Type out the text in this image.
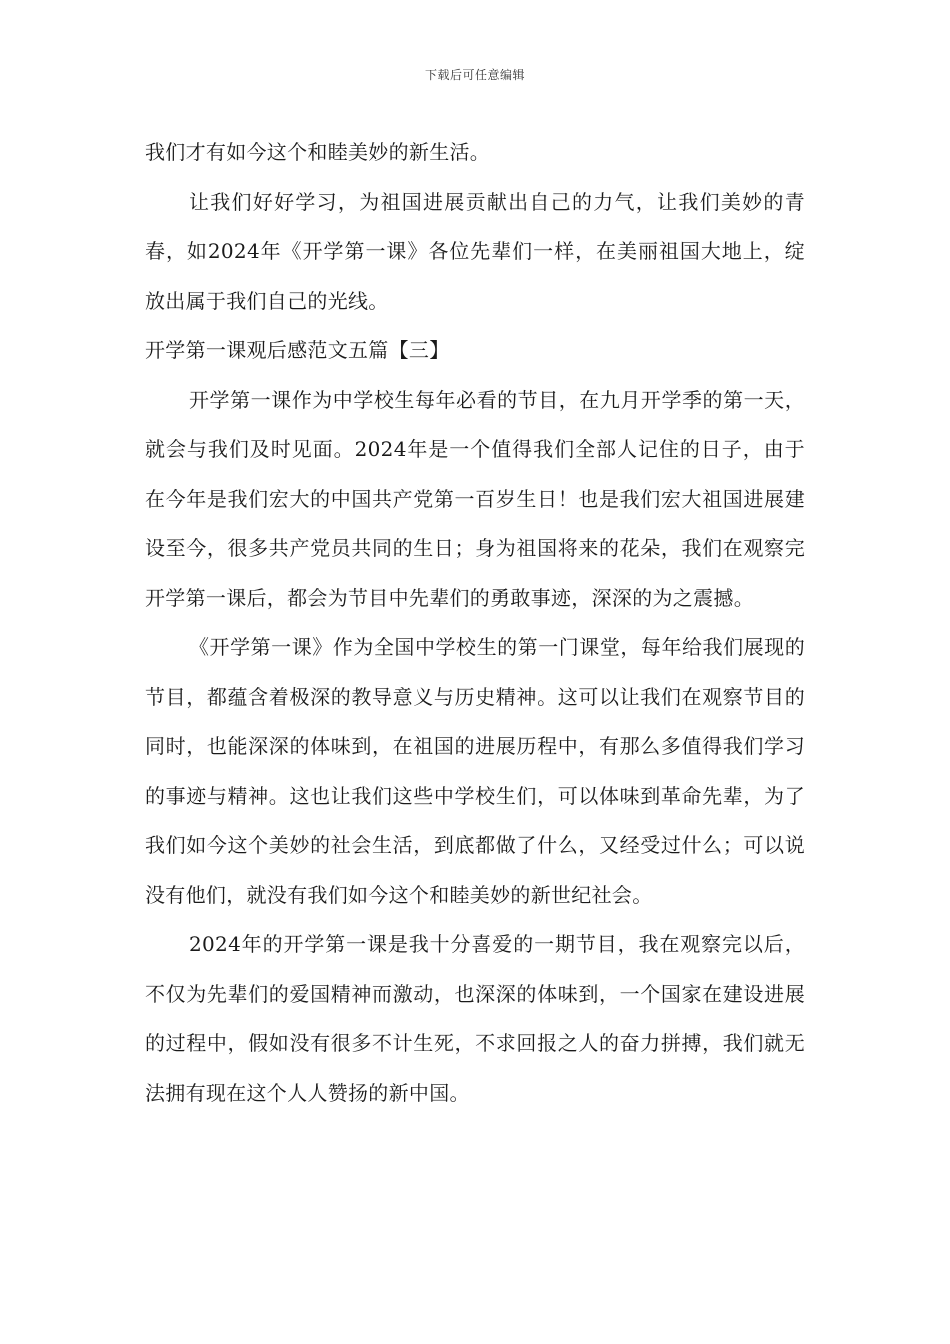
下载后可任意编辑

我们才有如今这个和睦美妙的新生活。

让我们好好学习，为祖国进展贡献出自己的力气，让我们美妙的青春，如2024年《开学第一课》各位先辈们一样，在美丽祖国大地上，绽放出属于我们自己的光线。

开学第一课观后感范文五篇【三】

开学第一课作为中学校生每年必看的节目，在九月开学季的第一天，就会与我们及时见面。2024年是一个值得我们全部人记住的日子，由于在今年是我们宏大的中国共产党第一百岁生日！也是我们宏大祖国进展建设至今，很多共产党员共同的生日；身为祖国将来的花朵，我们在观察完开学第一课后，都会为节目中先辈们的勇敢事迹，深深的为之震撼。

《开学第一课》作为全国中学校生的第一门课堂，每年给我们展现的节目，都蕴含着极深的教导意义与历史精神。这可以让我们在观察节目的同时，也能深深的体味到，在祖国的进展历程中，有那么多值得我们学习的事迹与精神。这也让我们这些中学校生们，可以体味到革命先辈，为了我们如今这个美妙的社会生活，到底都做了什么，又经受过什么；可以说没有他们，就没有我们如今这个和睦美妙的新世纪社会。

2024年的开学第一课是我十分喜爱的一期节目，我在观察完以后，不仅为先辈们的爱国精神而激动，也深深的体味到，一个国家在建设进展的过程中，假如没有很多不计生死，不求回报之人的奋力拼搏，我们就无法拥有现在这个人人赞扬的新中国。
